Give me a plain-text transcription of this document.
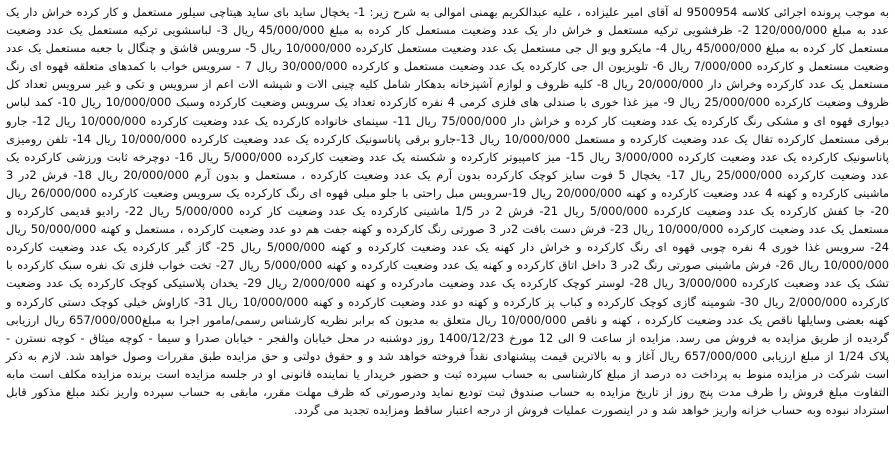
به موجب پرونده اجرائی کلاسه 9500954 له آقای امیر علیزاده ، علیه عبدالکریم بهمنی اموالی به شرح زیر: 1- یخچال ساید بای ساید هیتاچی سیلور مستعمل و کار کرده خراش دار یک عدد به مبلغ 120/000/000 2- ظرفشویی ترکیه مستعمل و خراش دار یک عدد وضعیت مستعمل کار کرده به مبلغ 45/000/000 ریال 3- لباسشویی ترکیه مستعمل یک عدد وضعیت مستعمل کار کرده به مبلغ 45/000/000 ریال 4- مایکرو ویو ال جی مستعمل یک عدد وضعیت مستعمل کارکرده 10/000/000 ریال 5- سرویس قاشق و چنگال با جعبه مستعمل یک عدد وضعیت مستعمل و کارکرده 7/000/000 ریال 6- تلویزیون ال جی کارکرده یک عدد وضعیت مستعمل و کارکرده 30/000/000 ریال 7 - سرویس خواب با کمدهای متعلقه قهوه ای رنگ مستعمل یک عدد کارکرده وخراش دار 20/000/000 ریال 8- کلیه ظروف و لوازم آشپزخانه بدهکار شامل کلیه چینی الات و شیشه الات اعم از سرویس و تکی و غیر سرویس تعداد کل ظروف وضعیت کارکرده 25/000/000 ریال 9- میز غذا خوری با صندلی های فلزی کرمی 4 نفره کارکرده تعداد یک سرویس وضعیت کارکرده وسبک 10/000/000 ریال 10- کمد لباس دیواری قهوه ای و مشکی رنگ کارکرده یک عدد وضعیت کار کرده و خراش دار 75/000/000 ریال 11- سینمای خانواده کارکرده یک عدد وضعیت کارکرده 10/000/000 ریال 12- جارو برقی مستعمل کارکرده تقال یک عدد وضعیت کارکرده و مستعمل 10/000/000 ریال 13-جارو برقی پاناسونیک کارکرده یک عدد وضعیت کارکرده 10/000/000 ریال 14- تلفن رومیزی پاناسونیک کارکرده یک عدد وضعیت کارکرده 3/000/000 ریال 15- میز کامپیوتر کارکرده و شکسته یک عدد وضعیت کارکرده 5/000/000 ریال 16- دوچرخه ثابت ورزشی کارکرده یک عدد وضعیت کارکرده 25/000/000 ریال 17- یخچال 5 فوت سایز کوچک کارکرده بدون آرم یک عدد وضعیت کارکرده ، مستعمل و بدون آرم 20/000/000 ریال 18- فرش 2در 3 ماشینی کارکرده و کهنه 4 عدد وضعیت کارکرده و کهنه 20/000/000 ریال 19-سرویس مبل راحتی با جلو مبلی قهوه ای رنگ کارکرده یک سرویس وضعیت کارکرده 26/000/000 ریال 20- جا کفش کارکرده یک عدد وضعیت کارکرده 5/000/000 ریال 21- فرش 2 در 1/5 ماشینی کارکرده یک عدد وضعیت کار کرده 5/000/000 ریال 22- رادیو قدیمی کارکرده و مستعمل یک عدد وضعیت کارکرده 10/000/000 ریال 23- فرش دست بافت 2در 3 صورتی رنگ کارکرده و کهنه جفت هم دو عدد وضعیت کارکرده ، مستعمل و کهنه 50/000/000 ریال 24- سرویس غذا خوری 4 نفره چوبی قهوه ای رنگ کارکرده و خراش دار کهنه یک عدد وضعیت کارکرده و کهنه 5/000/000 ریال 25- گاز گیر کارکرده یک عدد وضعیت کارکرده 10/000/000 ریال 26- فرش ماشینی صورتی رنگ 2در 3 داخل اتاق کارکرده و کهنه یک عدد وضعیت کارکرده و کهنه 5/000/000 ریال 27- تخت خواب فلزی تک نفره سبک کارکرده با تشک یک عدد وضعیت کارکرده 3/000/000 ریال 28- لوستر کوچک کارکرده یک عدد وضعیت مادرکرده و کهنه 2/000/000 ریال 29- یخدان پلاستیکی کوچک کارکرده یک عدد وضعیت کارکرده 2/000/000 ریال 30- شومینه گازی کوچک کارکرده و کباب پز کارکرده و کهنه دو عدد وضعیت کارکرده و کهنه 10/000/000 ریال 31- کاراوش خیلی کوچک دستی کارکرده و کهنه بعضی وسایلها ناقص یک عدد وضعیت کارکرده ، کهنه و ناقص 10/000/000 ریال متعلق به مدیون که برابر نظریه کارشناس رسمی/مامور اجرا به مبلغ657/000/000 ریال ارزیابی گردیده از طریق مزایده به فروش می رسد. مزایده از ساعت 9 الی 12 مورخ 1400/12/23 روز دوشنبه در محل خیابان والفجر - خیابان صدرا و سیما - کوچه میثاق - کوچه نسترن - پلاک 1/24 از مبلغ ارزیابی 657/000/000 ریال آغاز و به بالاترین قیمت پیشنهادی نقداً فروخته خواهد شد و و حقوق دولتی و حق مزایده طبق مقررات وصول خواهد شد. لازم به ذکر است شرکت در مزایده منوط به پرداخت ده درصد از مبلغ کارشناسی به حساب سپرده ثبت و حضور خریدار یا نماینده قانونی او در جلسه مزایده است برنده مزایده مکلف است مابه التفاوت مبلغ فروش را ظرف مدت پنج روز از تاریخ مزایده به حساب صندوق ثبت تودیع نماید ودرصورتی که ظرف مهلت مقرر، مابقی به حساب سپرده واریز نکند مبلغ مذکور قابل استرداد نبوده وبه حساب خزانه واریز خواهد شد و در اینصورت عملیات فروش از درجه اعتبار ساقط ومزایده تجدید می گردد.
